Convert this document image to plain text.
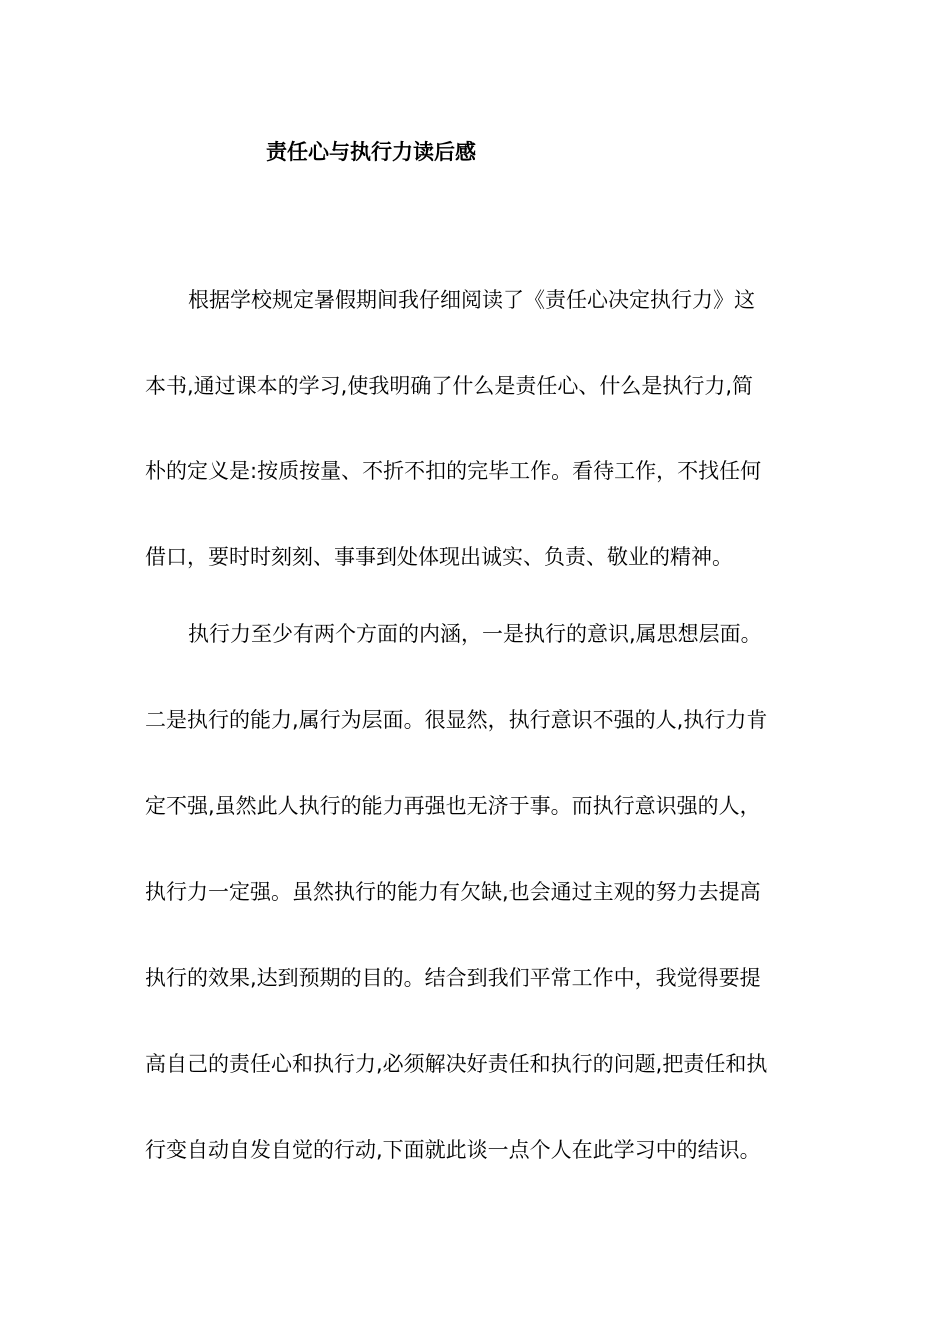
责任心与执行力读后感
根据学校规定暑假期间我仔细阅读了《责任心决定执行力》这
本书,通过课本的学习,使我明确了什么是责任心、什么是执行力,简
朴的定义是:按质按量、不折不扣的完毕工作。看待工作，不找任何
借口，要时时刻刻、事事到处体现出诚实、负责、敬业的精神。
执行力至少有两个方面的内涵，一是执行的意识,属思想层面。
二是执行的能力,属行为层面。很显然，执行意识不强的人,执行力肯
定不强,虽然此人执行的能力再强也无济于事。而执行意识强的人，
执行力一定强。虽然执行的能力有欠缺,也会通过主观的努力去提高
执行的效果,达到预期的目的。结合到我们平常工作中，我觉得要提
高自己的责任心和执行力,必须解决好责任和执行的问题,把责任和执
行变自动自发自觉的行动,下面就此谈一点个人在此学习中的结识。
